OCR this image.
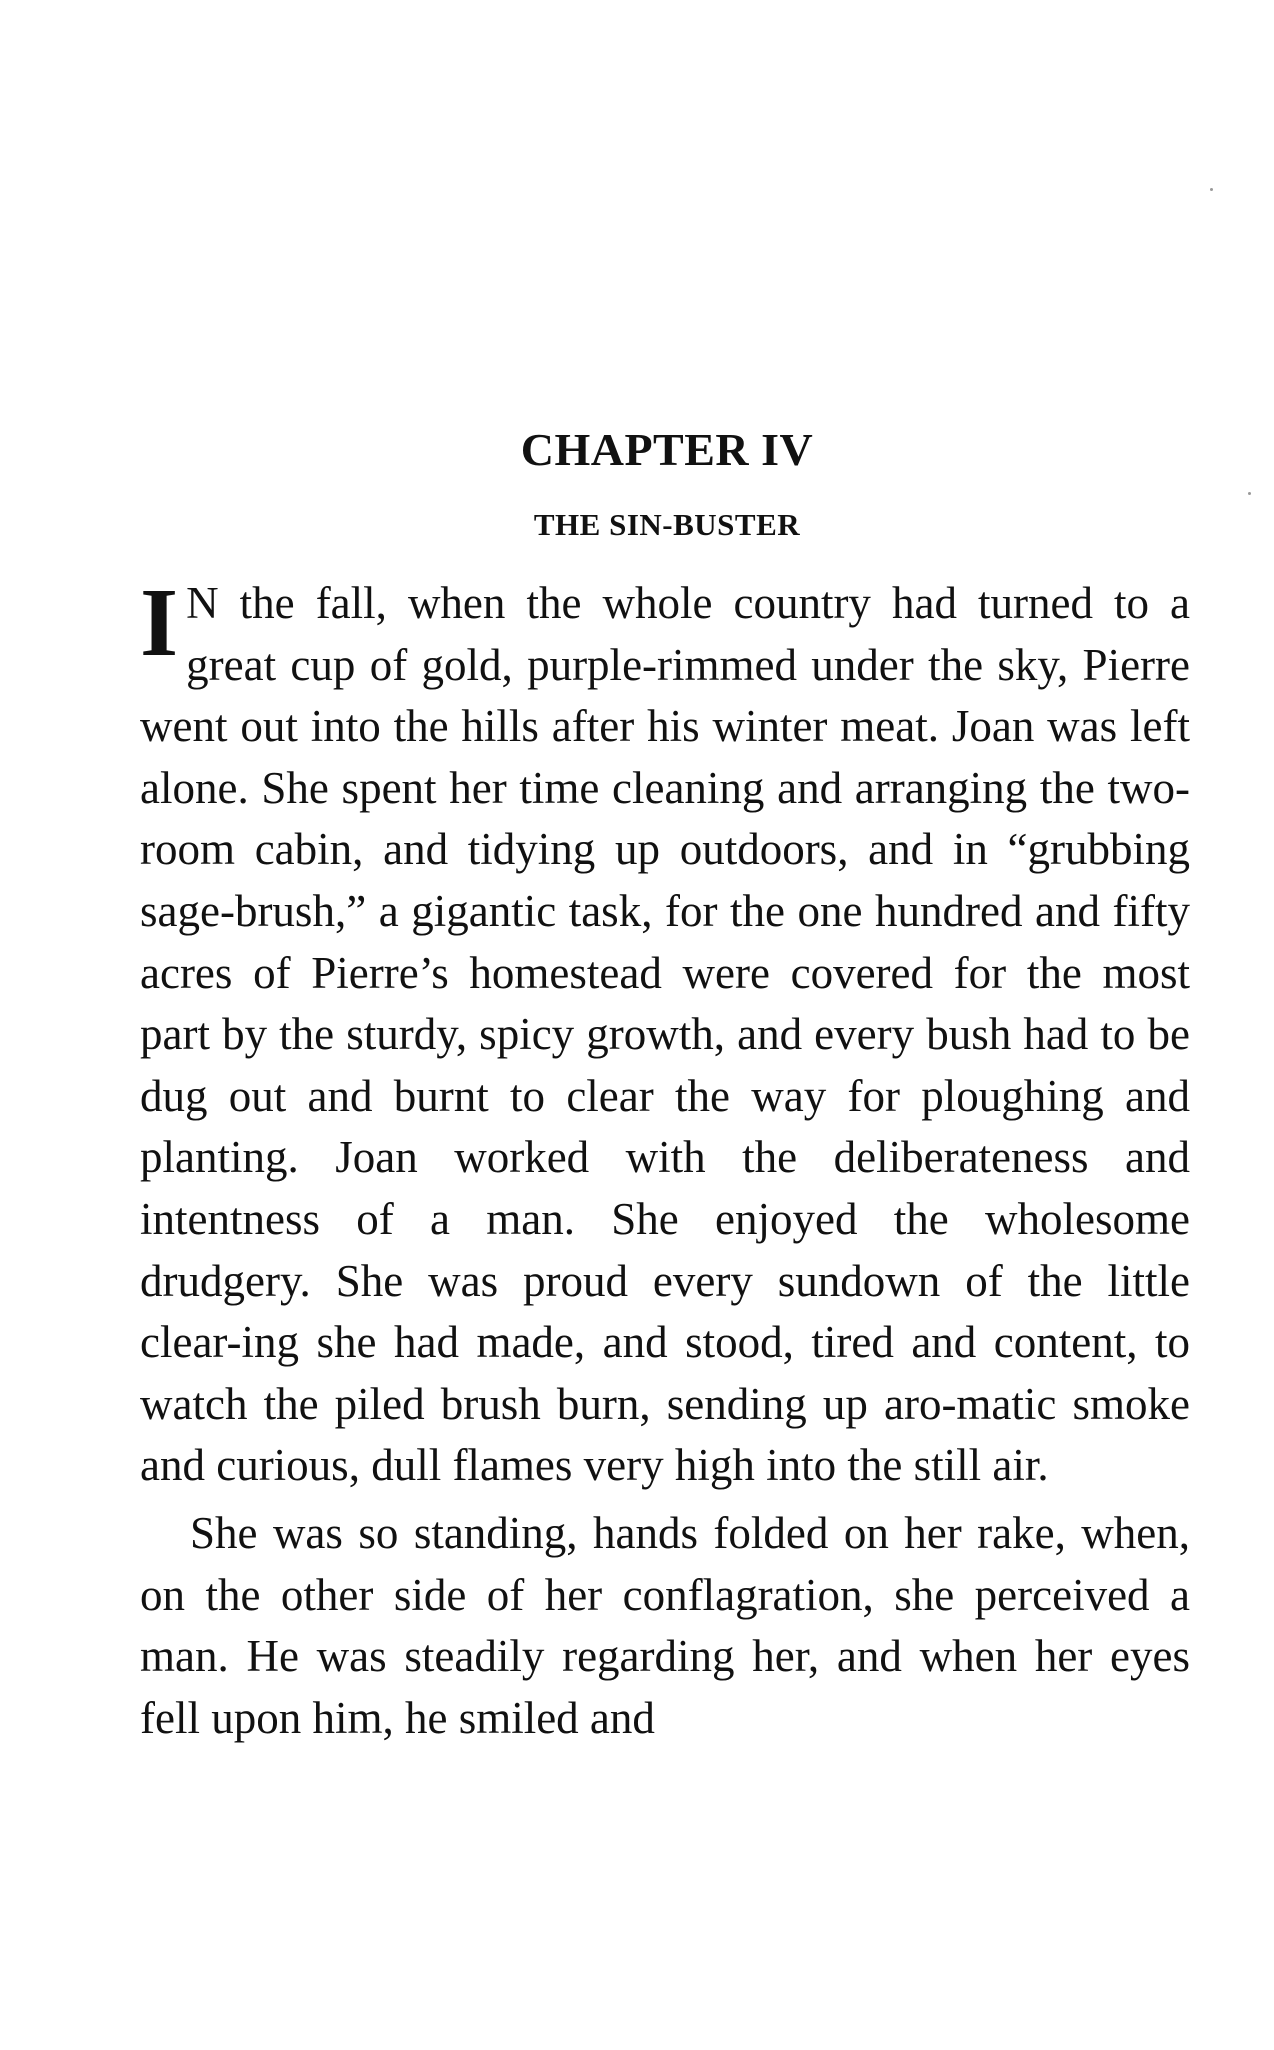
CHAPTER IV
THE SIN-BUSTER

I N the fall, when the whole country had turned to a great cup of gold, purple-rimmed under the sky, Pierre went out into the hills after his winter meat. Joan was left alone. She spent her time cleaning and arranging the two-room cabin, and tidying up outdoors, and in “grubbing sage-brush,” a gigantic task, for the one hundred and fifty acres of Pierre’s homestead were covered for the most part by the sturdy, spicy growth, and every bush had to be dug out and burnt to clear the way for ploughing and planting. Joan worked with the deliberateness and intentness of a man. She enjoyed the wholesome drudgery. She was proud every sundown of the little clear-ing she had made, and stood, tired and content, to watch the piled brush burn, sending up aro-matic smoke and curious, dull flames very high into the still air.

She was so standing, hands folded on her rake, when, on the other side of her conflagration, she perceived a man. He was steadily regarding her, and when her eyes fell upon him, he smiled and
